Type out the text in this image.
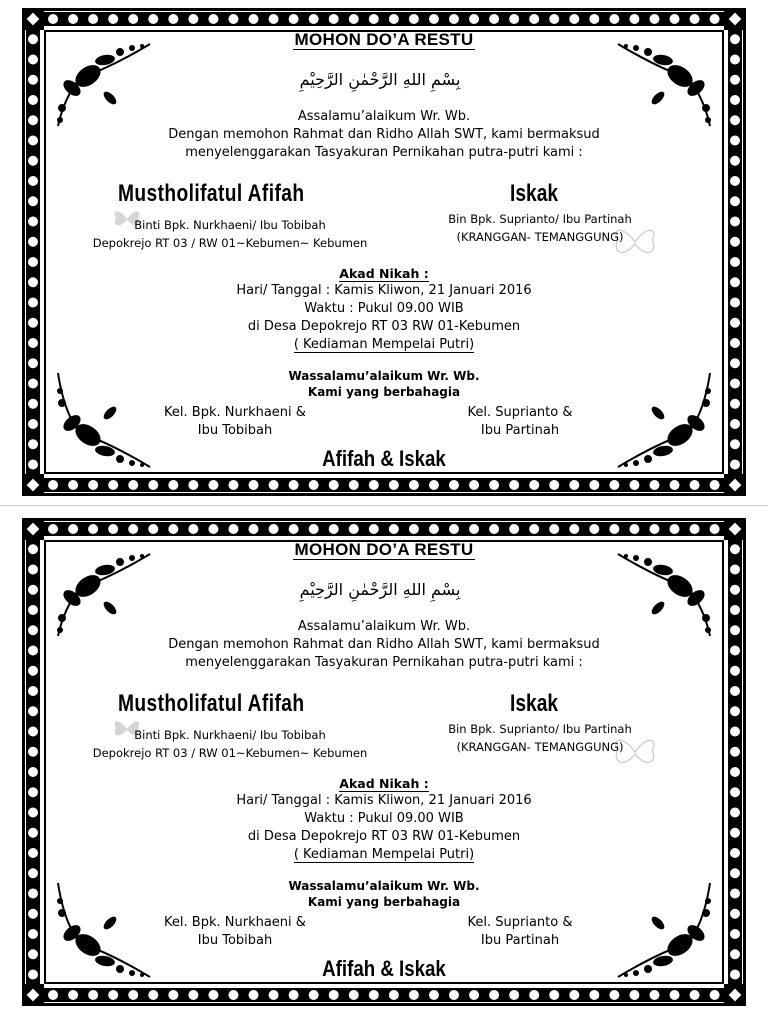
MOHON DO’A RESTU
بِسْمِ اللهِ الرَّحْمٰنِ الرَّحِيْمِ
Assalamu’alaikum Wr. Wb.
Dengan memohon Rahmat dan Ridho Allah SWT, kami bermaksud
menyelenggarakan Tasyakuran Pernikahan putra-putri kami :
Mustholifatul Afifah	Iskak
Binti Bpk. Nurkhaeni/ Ibu Tobibah
Depokrejo RT 03 / RW 01~Kebumen~ Kebumen
Bin Bpk. Suprianto/ Ibu Partinah
(KRANGGAN- TEMANGGUNG)
Akad Nikah :
Hari/ Tanggal : Kamis Kliwon, 21 Januari 2016
Waktu : Pukul 09.00 WIB
di Desa Depokrejo RT 03 RW 01-Kebumen
( Kediaman Mempelai Putri)
Wassalamu’alaikum Wr. Wb.
Kami yang berbahagia
Kel. Bpk. Nurkhaeni &
Ibu Tobibah
Kel. Suprianto &
Ibu Partinah
Afifah & Iskak
MOHON DO’A RESTU
بِسْمِ اللهِ الرَّحْمٰنِ الرَّحِيْمِ
Assalamu’alaikum Wr. Wb.
Dengan memohon Rahmat dan Ridho Allah SWT, kami bermaksud
menyelenggarakan Tasyakuran Pernikahan putra-putri kami :
Mustholifatul Afifah	Iskak
Binti Bpk. Nurkhaeni/ Ibu Tobibah
Depokrejo RT 03 / RW 01~Kebumen~ Kebumen
Bin Bpk. Suprianto/ Ibu Partinah
(KRANGGAN- TEMANGGUNG)
Akad Nikah :
Hari/ Tanggal : Kamis Kliwon, 21 Januari 2016
Waktu : Pukul 09.00 WIB
di Desa Depokrejo RT 03 RW 01-Kebumen
( Kediaman Mempelai Putri)
Wassalamu’alaikum Wr. Wb.
Kami yang berbahagia
Kel. Bpk. Nurkhaeni &
Ibu Tobibah
Kel. Suprianto &
Ibu Partinah
Afifah & Iskak
